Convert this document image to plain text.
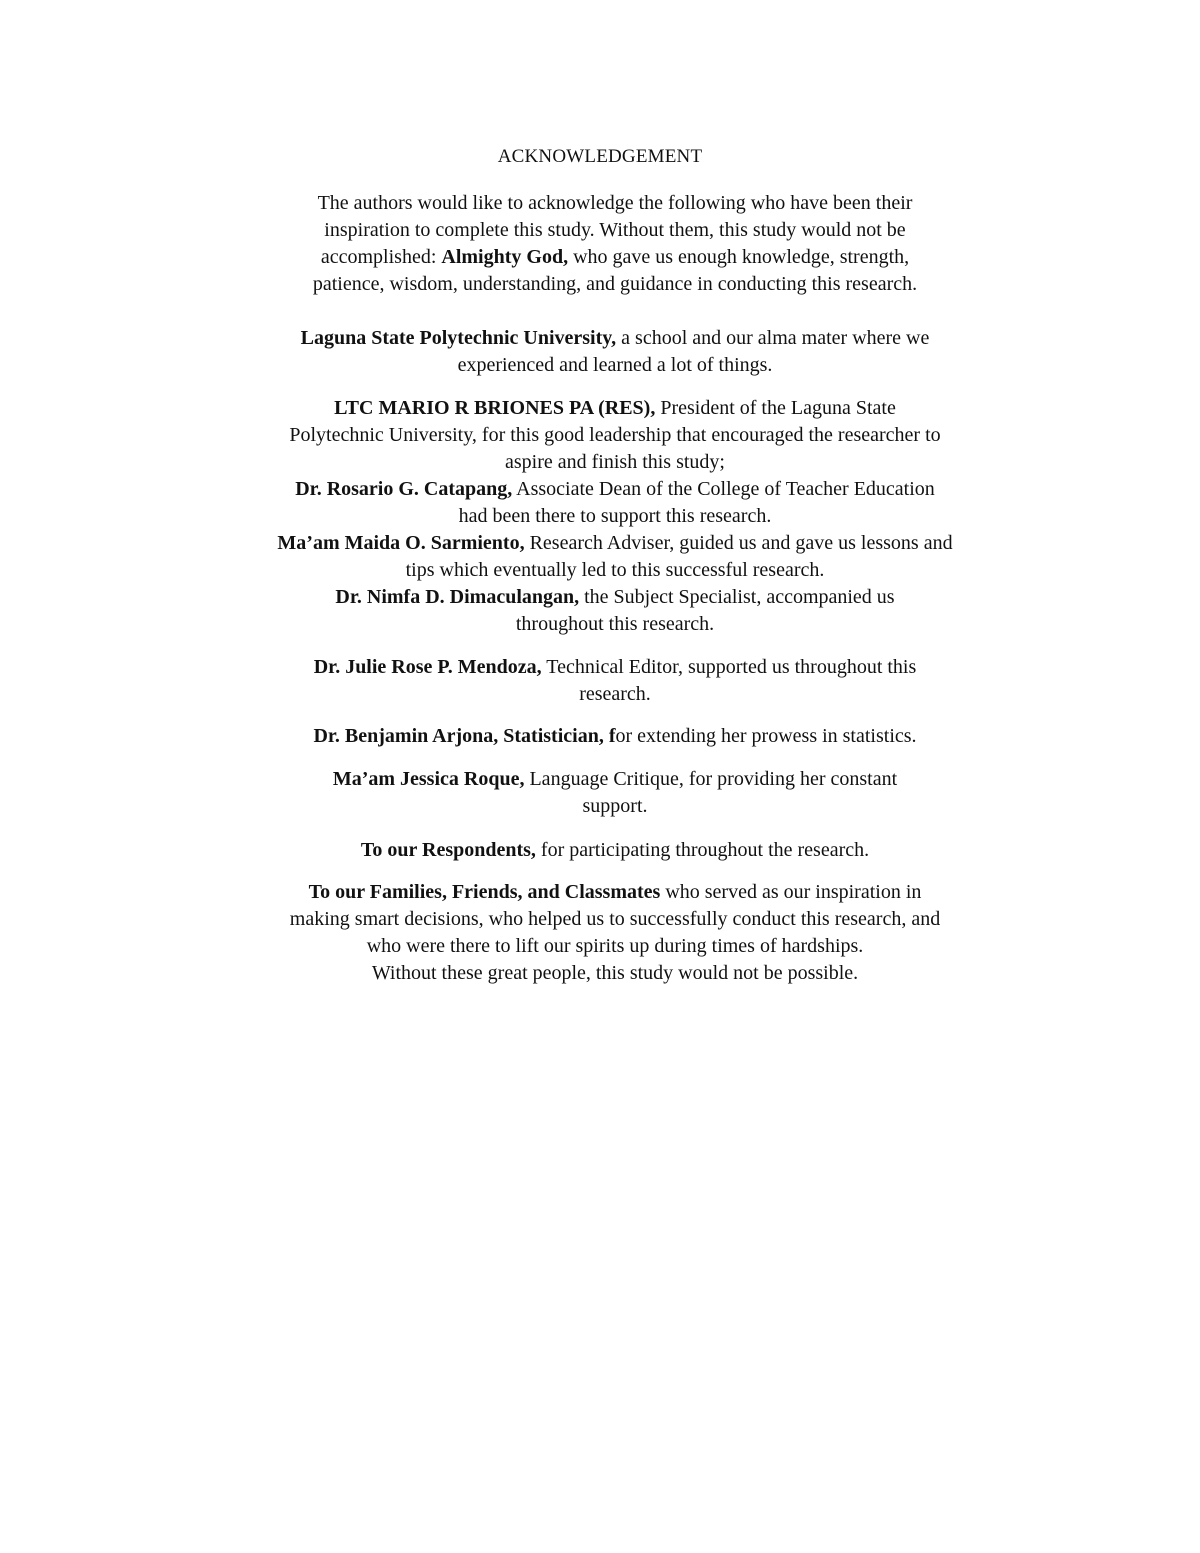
ACKNOWLEDGEMENT
The authors would like to acknowledge the following who have been their
inspiration to complete this study. Without them, this study would not be
accomplished: Almighty God, who gave us enough knowledge, strength,
patience, wisdom, understanding, and guidance in conducting this research.
Laguna State Polytechnic University, a school and our alma mater where we
experienced and learned a lot of things.
LTC MARIO R BRIONES PA (RES), President of the Laguna State
Polytechnic University, for this good leadership that encouraged the researcher to
aspire and finish this study;
Dr. Rosario G. Catapang, Associate Dean of the College of Teacher Education
had been there to support this research.
Ma’am Maida O. Sarmiento, Research Adviser, guided us and gave us lessons and
tips which eventually led to this successful research.
Dr. Nimfa D. Dimaculangan, the Subject Specialist, accompanied us
throughout this research.
Dr. Julie Rose P. Mendoza, Technical Editor, supported us throughout this
research.
Dr. Benjamin Arjona, Statistician, for extending her prowess in statistics.
Ma’am Jessica Roque, Language Critique, for providing her constant
support.
To our Respondents, for participating throughout the research.
To our Families, Friends, and Classmates who served as our inspiration in
making smart decisions, who helped us to successfully conduct this research, and
who were there to lift our spirits up during times of hardships.
Without these great people, this study would not be possible.
